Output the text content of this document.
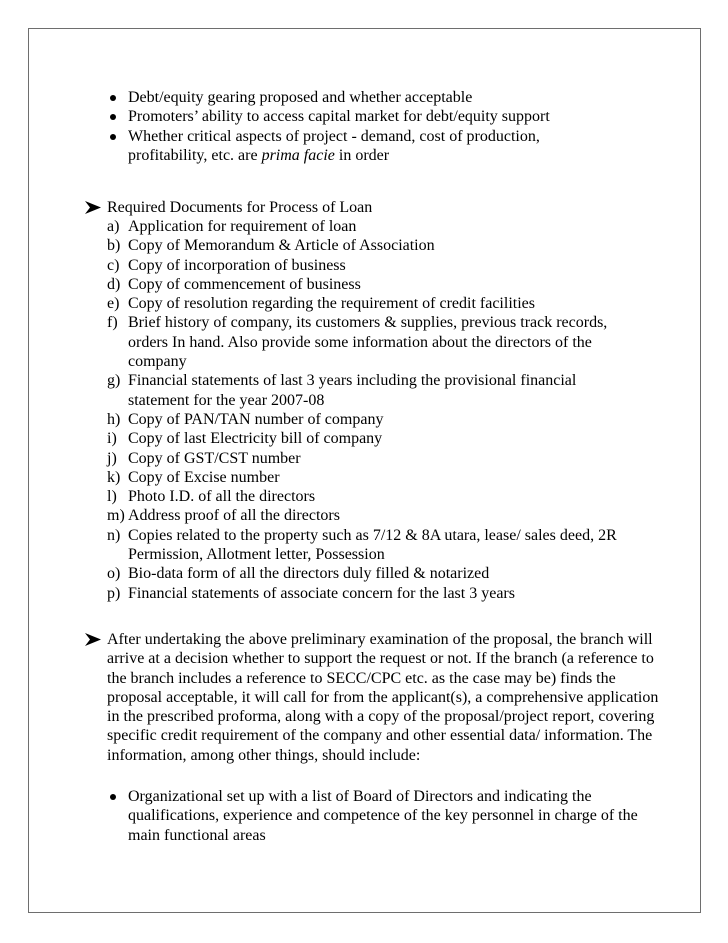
Debt/equity gearing proposed and whether acceptable
Promoters’ ability to access capital market for debt/equity support
Whether critical aspects of project - demand, cost of production, profitability, etc. are prima facie in order
Required Documents for Process of Loan
a) Application for requirement of loan
b) Copy of Memorandum & Article of Association
c) Copy of incorporation of business
d) Copy of commencement of business
e) Copy of resolution regarding the requirement of credit facilities
f) Brief history of company, its customers & supplies, previous track records, orders In hand. Also provide some information about the directors of the company
g) Financial statements of last 3 years including the provisional financial statement for the year 2007-08
h) Copy of PAN/TAN number of company
i) Copy of last Electricity bill of company
j) Copy of GST/CST number
k) Copy of Excise number
l) Photo I.D. of all the directors
m) Address proof of all the directors
n) Copies related to the property such as 7/12 & 8A utara, lease/ sales deed, 2R Permission, Allotment letter, Possession
o) Bio-data form of all the directors duly filled & notarized
p) Financial statements of associate concern for the last 3 years
After undertaking the above preliminary examination of the proposal, the branch will arrive at a decision whether to support the request or not. If the branch (a reference to the branch includes a reference to SECC/CPC etc. as the case may be) finds the proposal acceptable, it will call for from the applicant(s), a comprehensive application in the prescribed proforma, along with a copy of the proposal/project report, covering specific credit requirement of the company and other essential data/ information. The information, among other things, should include:
Organizational set up with a list of Board of Directors and indicating the qualifications, experience and competence of the key personnel in charge of the main functional areas
